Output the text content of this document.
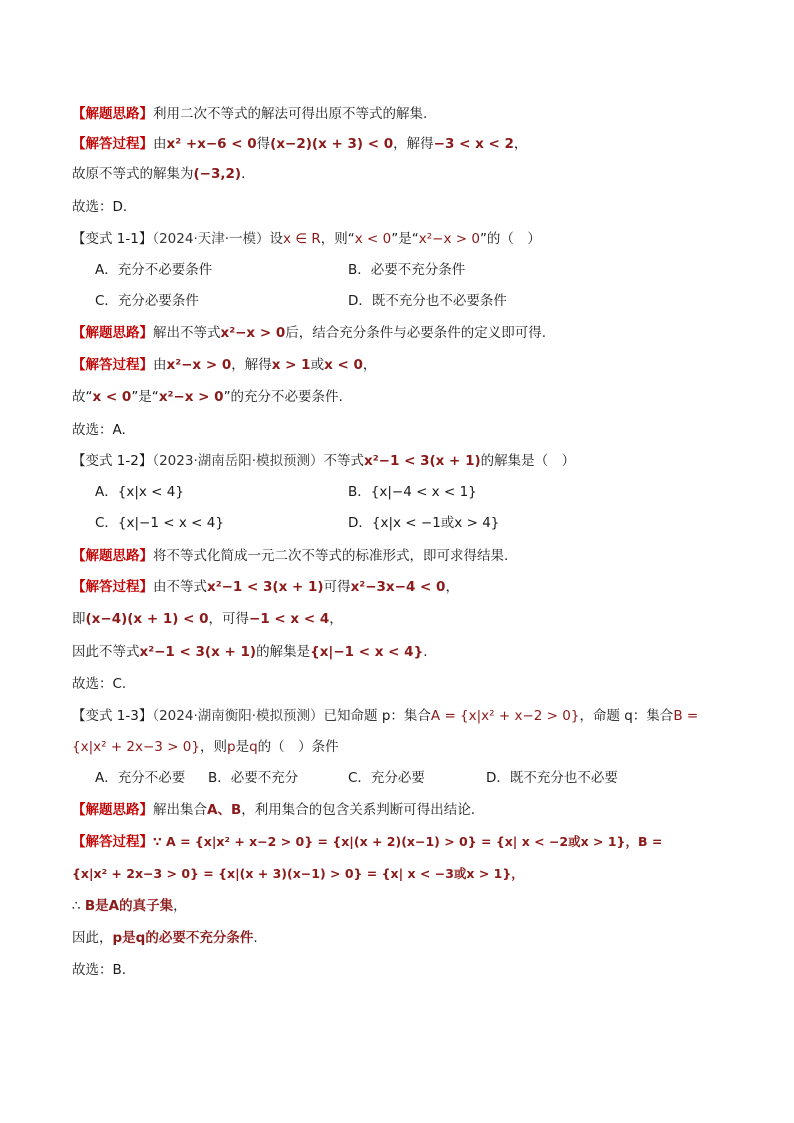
【解题思路】利用二次不等式的解法可得出原不等式的解集.
【解答过程】由x² +x−6 < 0得(x−2)(x + 3) < 0，解得−3 < x < 2，
故原不等式的解集为(−3,2).
故选：D.
【变式 1-1】（2024·天津·一模）设x ∈ R，则“x < 0”是“x²−x > 0”的（　）
A．充分不必要条件	B．必要不充分条件
C．充分必要条件	D．既不充分也不必要条件
【解题思路】解出不等式x²−x > 0后，结合充分条件与必要条件的定义即可得.
【解答过程】由x²−x > 0，解得x > 1或x < 0，
故“x < 0”是“x²−x > 0”的充分不必要条件.
故选：A.
【变式 1-2】（2023·湖南岳阳·模拟预测）不等式x²−1 < 3(x + 1)的解集是（　）
A．{x|x < 4}	B．{x|−4 < x < 1}
C．{x|−1 < x < 4}	D．{x|x < −1或x > 4}
【解题思路】将不等式化简成一元二次不等式的标准形式，即可求得结果.
【解答过程】由不等式x²−1 < 3(x + 1)可得x²−3x−4 < 0，
即(x−4)(x + 1) < 0，可得−1 < x < 4，
因此不等式x²−1 < 3(x + 1)的解集是{x|−1 < x < 4}.
故选：C.
【变式 1-3】（2024·湖南衡阳·模拟预测）已知命题 p：集合A = {x|x² + x−2 > 0}，命题 q：集合B =
{x|x² + 2x−3 > 0}，则p是q的（　）条件
A．充分不必要 B．必要不充分	C．充分必要	D．既不充分也不必要
【解题思路】解出集合A、B，利用集合的包含关系判断可得出结论.
【解答过程】∵ A = {x|x² + x−2 > 0} = {x|(x + 2)(x−1) > 0} = {x| x < −2或x > 1}，B =
{x|x² + 2x−3 > 0} = {x|(x + 3)(x−1) > 0} = {x| x < −3或x > 1}，
∴ B是A的真子集，
因此，p是q的必要不充分条件.
故选：B.
